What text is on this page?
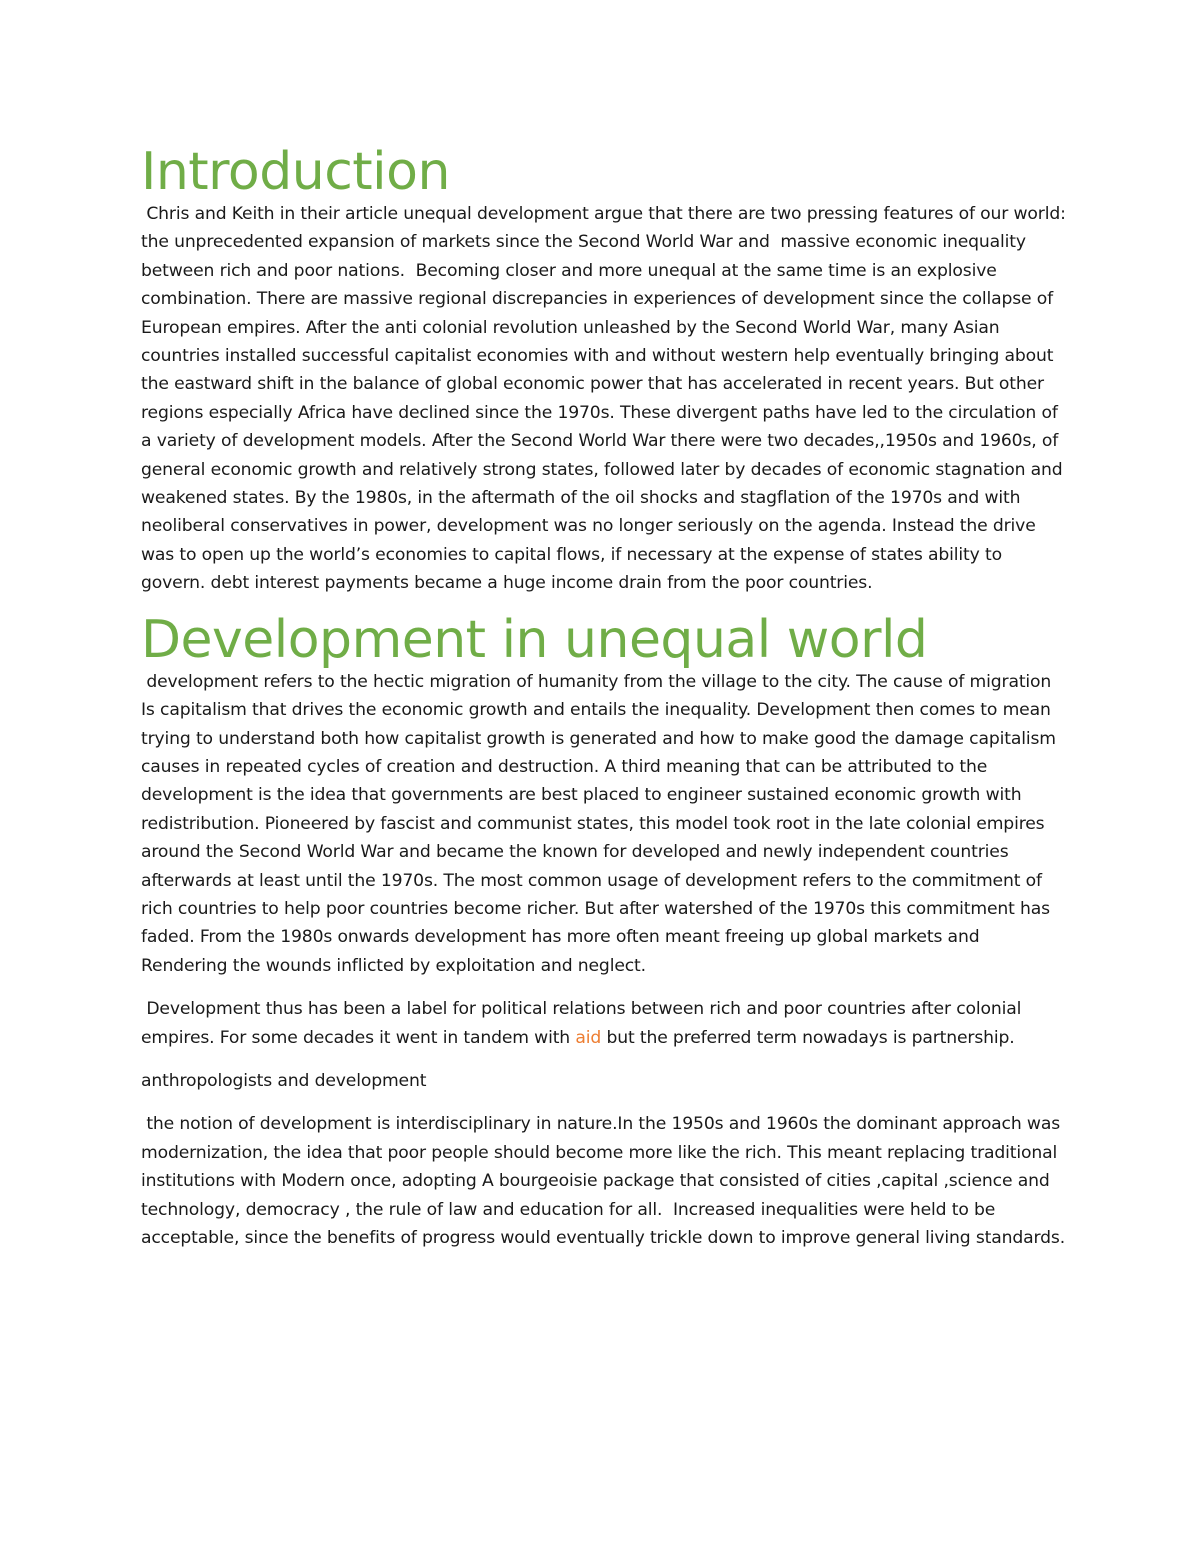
Introduction

Chris and Keith in their article unequal development argue that there are two pressing features of our world: the unprecedented expansion of markets since the Second World War and  massive economic inequality between rich and poor nations.  Becoming closer and more unequal at the same time is an explosive combination. There are massive regional discrepancies in experiences of development since the collapse of European empires. After the anti colonial revolution unleashed by the Second World War, many Asian countries installed successful capitalist economies with and without western help eventually bringing about the eastward shift in the balance of global economic power that has accelerated in recent years. But other regions especially Africa have declined since the 1970s. These divergent paths have led to the circulation of a variety of development models. After the Second World War there were two decades,,1950s and 1960s, of general economic growth and relatively strong states, followed later by decades of economic stagnation and weakened states. By the 1980s, in the aftermath of the oil shocks and stagflation of the 1970s and with neoliberal conservatives in power, development was no longer seriously on the agenda. Instead the drive was to open up the world’s economies to capital flows, if necessary at the expense of states ability to govern. debt interest payments became a huge income drain from the poor countries.

Development in unequal world

development refers to the hectic migration of humanity from the village to the city. The cause of migration Is capitalism that drives the economic growth and entails the inequality. Development then comes to mean trying to understand both how capitalist growth is generated and how to make good the damage capitalism causes in repeated cycles of creation and destruction. A third meaning that can be attributed to the development is the idea that governments are best placed to engineer sustained economic growth with redistribution. Pioneered by fascist and communist states, this model took root in the late colonial empires around the Second World War and became the known for developed and newly independent countries afterwards at least until the 1970s. The most common usage of development refers to the commitment of rich countries to help poor countries become richer. But after watershed of the 1970s this commitment has faded. From the 1980s onwards development has more often meant freeing up global markets and Rendering the wounds inflicted by exploitation and neglect.

Development thus has been a label for political relations between rich and poor countries after colonial empires. For some decades it went in tandem with aid but the preferred term nowadays is partnership.

anthropologists and development

the notion of development is interdisciplinary in nature.In the 1950s and 1960s the dominant approach was modernization, the idea that poor people should become more like the rich. This meant replacing traditional institutions with Modern once, adopting A bourgeoisie package that consisted of cities ,capital ,science and technology, democracy , the rule of law and education for all.  Increased inequalities were held to be acceptable, since the benefits of progress would eventually trickle down to improve general living standards.
